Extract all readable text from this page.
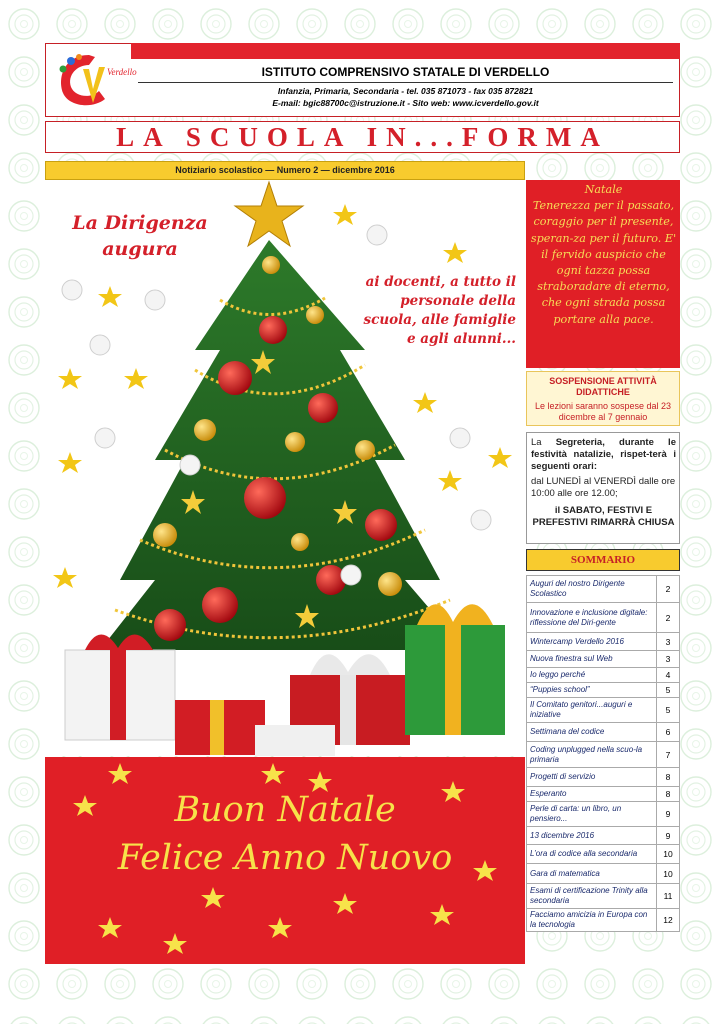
Verdello	ISTITUTO COMPRENSIVO STATALE DI VERDELLO
Infanzia, Primaria, Secondaria - tel. 035 871073 - fax 035 872821
E-mail: bgic88700c@istruzione.it - Sito web: www.icverdello.gov.it
LA SCUOLA IN...FORMA
Notiziario scolastico — Numero 2 — dicembre 2016
La Dirigenza augura
ai docenti, a tutto il personale della scuola, alle famiglie e agli alunni...
Buon Natale
Felice Anno Nuovo
Natale
Tenerezza per il passato, coraggio per il presente, speran-za per il futuro. E' il fervido auspicio che ogni tazza possa straboradare di eterno, che ogni strada possa portare alla pace.
SOSPENSIONE ATTIVITÀ DIDATTICHE
Le lezioni saranno sospese dal 23 dicembre al 7 gennaio
La Segreteria, durante le festività natalizie, rispet-terà i seguenti orari:
dal LUNEDÌ al VENERDÌ dalle ore 10:00 alle ore 12.00;
il SABATO, FESTIVI E PREFESTIVI RIMARRÀ CHIUSA
SOMMARIO
Auguri del nostro Dirigente Scolastico	2
Innovazione e inclusione digitale: riflessione del Diri-gente	2
Wintercamp Verdello 2016	3
Nuova finestra sul Web	3
Io leggo perché	4
“Puppies school”	5
Il Comitato genitori...auguri e iniziative	5
Settimana del codice	6
Coding unplugged nella scuo-la primaria	7
Progetti di servizio	8
Esperanto	8
Perle di carta: un libro, un pensiero...	9
13 dicembre 2016	9
L’ora di codice alla secondaria	10
Gara di matematica	10
Esami di certificazione Trinity alla secondaria	11
Facciamo amicizia in Europa con la tecnologia	12
